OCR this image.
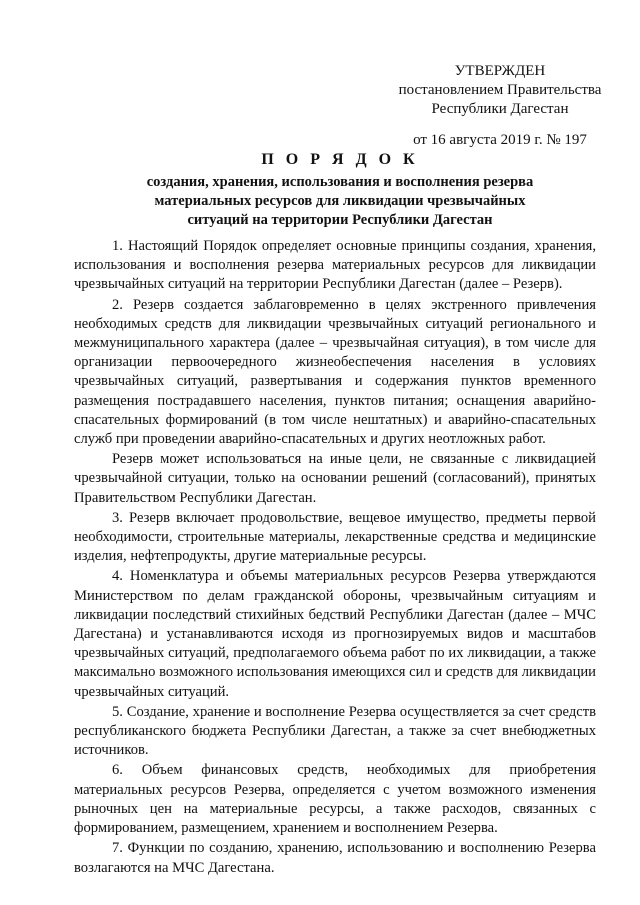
УТВЕРЖДЕН
постановлением Правительства
Республики Дагестан
от 16 августа 2019 г. № 197
П О Р Я Д О К
создания, хранения, использования и восполнения резерва
материальных ресурсов для ликвидации чрезвычайных
ситуаций на территории Республики Дагестан

1. Настоящий Порядок определяет основные принципы создания, хранения, использования и восполнения резерва материальных ресурсов для ликвидации чрезвычайных ситуаций на территории Республики Дагестан (далее – Резерв).

2. Резерв создается заблаговременно в целях экстренного привлечения необходимых средств для ликвидации чрезвычайных ситуаций регионального и межмуниципального характера (далее – чрезвычайная ситуация), в том числе для организации первоочередного жизнеобеспечения населения в условиях чрезвычайных ситуаций, развертывания и содержания пунктов временного размещения пострадавшего населения, пунктов питания; оснащения аварийно-спасательных формирований (в том числе нештатных) и аварийно-спасательных служб при проведении аварийно-спасательных и других неотложных работ.

Резерв может использоваться на иные цели, не связанные с ликвидацией чрезвычайной ситуации, только на основании решений (согласований), принятых Правительством Республики Дагестан.

3. Резерв включает продовольствие, вещевое имущество, предметы первой необходимости, строительные материалы, лекарственные средства и медицинские изделия, нефтепродукты, другие материальные ресурсы.

4. Номенклатура и объемы материальных ресурсов Резерва утверждаются Министерством по делам гражданской обороны, чрезвычайным ситуациям и ликвидации последствий стихийных бедствий Республики Дагестан (далее – МЧС Дагестана) и устанавливаются исходя из прогнозируемых видов и масштабов чрезвычайных ситуаций, предполагаемого объема работ по их ликвидации, а также максимально возможного использования имеющихся сил и средств для ликвидации чрезвычайных ситуаций.

5. Создание, хранение и восполнение Резерва осуществляется за счет средств республиканского бюджета Республики Дагестан, а также за счет внебюджетных источников.

6. Объем финансовых средств, необходимых для приобретения материальных ресурсов Резерва, определяется с учетом возможного изменения рыночных цен на материальные ресурсы, а также расходов, связанных с формированием, размещением, хранением и восполнением Резерва.

7. Функции по созданию, хранению, использованию и восполнению Резерва возлагаются на МЧС Дагестана.
